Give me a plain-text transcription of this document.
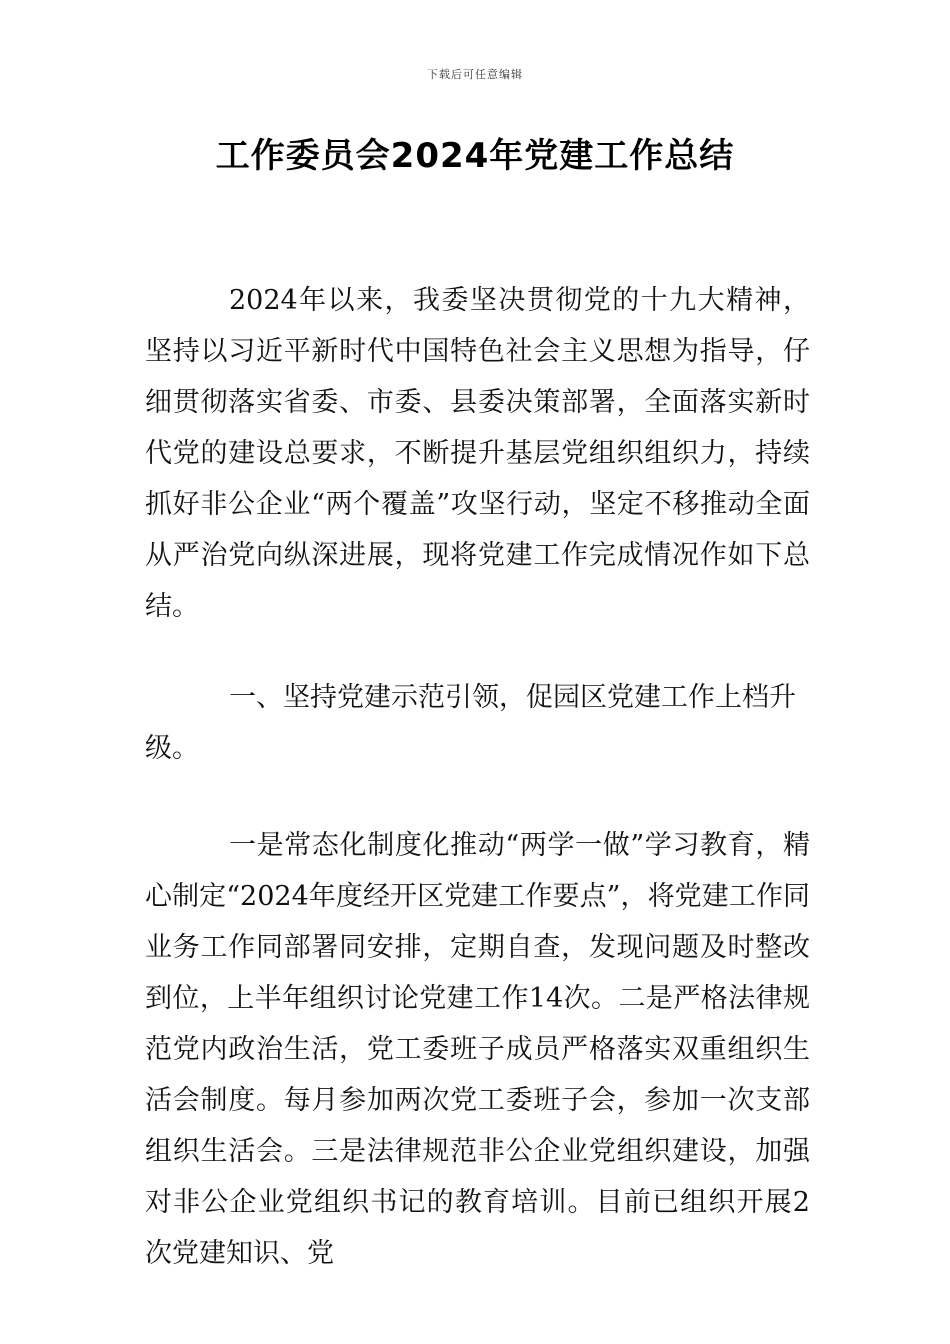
下载后可任意编辑
工作委员会2024年党建工作总结

2024年以来，我委坚决贯彻党的十九大精神，坚持以习近平新时代中国特色社会主义思想为指导，仔细贯彻落实省委、市委、县委决策部署，全面落实新时代党的建设总要求，不断提升基层党组织组织力，持续抓好非公企业“两个覆盖”攻坚行动，坚定不移推动全面从严治党向纵深进展，现将党建工作完成情况作如下总结。

一、坚持党建示范引领，促园区党建工作上档升级。

一是常态化制度化推动“两学一做”学习教育，精心制定“2024年度经开区党建工作要点”，将党建工作同业务工作同部署同安排，定期自查，发现问题及时整改到位，上半年组织讨论党建工作14次。二是严格法律规范党内政治生活，党工委班子成员严格落实双重组织生活会制度。每月参加两次党工委班子会，参加一次支部组织生活会。三是法律规范非公企业党组织建设，加强对非公企业党组织书记的教育培训。目前已组织开展2次党建知识、党
